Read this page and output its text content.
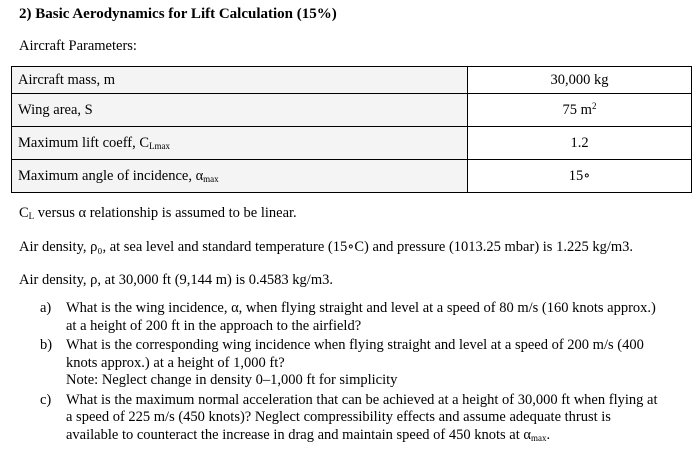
2) Basic Aerodynamics for Lift Calculation (15%)
Aircraft Parameters:
Aircraft mass, m	30,000 kg
Wing area, S	75 $m^2$
Maximum lift coeff, $C_{Lmax}$	1.2
Maximum angle of incidence, $\alpha_{max}$	15∘
$C_L$ versus α relationship is assumed to be linear.
Air density, ρ₀, at sea level and standard temperature (15∘C) and pressure (1013.25 mbar) is 1.225 kg/m3.
Air density, ρ, at 30,000 ft (9,144 m) is 0.4583 kg/m3.
a)	What is the wing incidence, α, when flying straight and level at a speed of 80 m/s (160 knots approx.)
at a height of 200 ft in the approach to the airfield?
b) What is the corresponding wing incidence when flying straight and level at a speed of 200 m/s (400
knots approx.) at a height of 1,000 ft?
Note: Neglect change in density 0–1,000 ft for simplicity
c)	What is the maximum normal acceleration that can be achieved at a height of 30,000 ft when flying at
a speed of 225 m/s (450 knots)? Neglect compressibility effects and assume adequate thrust is
available to counteract the increase in drag and maintain speed of 450 knots at $\alpha_{max}$.
